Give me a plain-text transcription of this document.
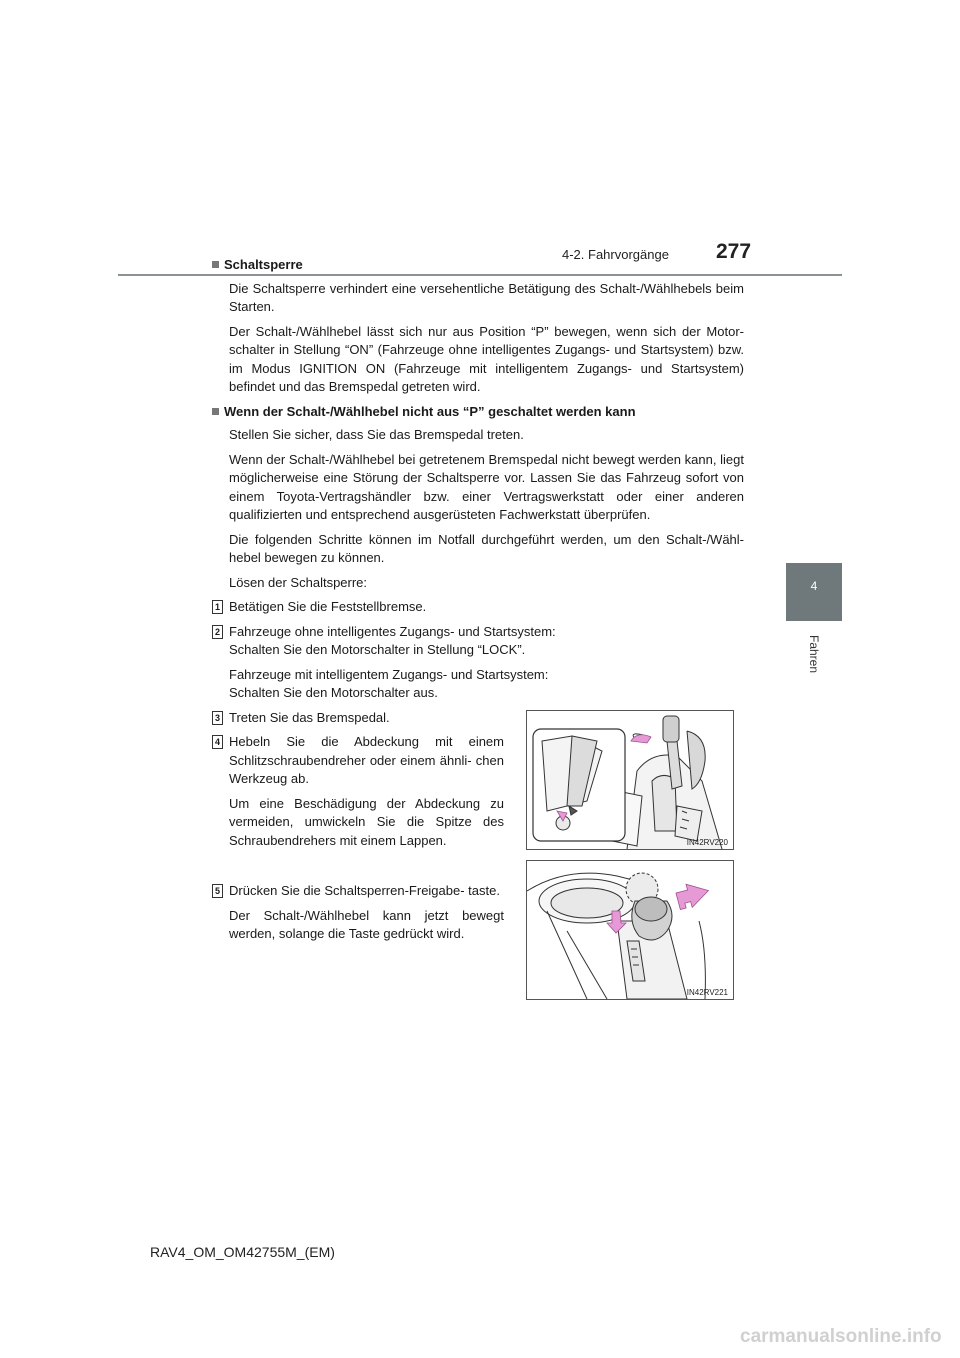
4-2. Fahrvorgänge 277
4
Fahren
Schaltsperre

Die Schaltsperre verhindert eine versehentliche Betätigung des Schalt-/Wählhebels beim Starten.

Der Schalt-/Wählhebel lässt sich nur aus Position “P” bewegen, wenn sich der Motor- schalter in Stellung “ON” (Fahrzeuge ohne intelligentes Zugangs- und Startsystem) bzw. im Modus IGNITION ON (Fahrzeuge mit intelligentem Zugangs- und Startsystem) befindet und das Bremspedal getreten wird.

Wenn der Schalt-/Wählhebel nicht aus “P” geschaltet werden kann

Stellen Sie sicher, dass Sie das Bremspedal treten.

Wenn der Schalt-/Wählhebel bei getretenem Bremspedal nicht bewegt werden kann, liegt möglicherweise eine Störung der Schaltsperre vor. Lassen Sie das Fahrzeug sofort von einem Toyota-Vertragshändler bzw. einer Vertragswerkstatt oder einer anderen qualifizierten und entsprechend ausgerüsteten Fachwerkstatt überprüfen.

Die folgenden Schritte können im Notfall durchgeführt werden, um den Schalt-/Wähl- hebel bewegen zu können.

Lösen der Schaltsperre:

1 Betätigen Sie die Feststellbremse.

2 Fahrzeuge ohne intelligentes Zugangs- und Startsystem:
Schalten Sie den Motorschalter in Stellung “LOCK”.

Fahrzeuge mit intelligentem Zugangs- und Startsystem:
Schalten Sie den Motorschalter aus.

3 Treten Sie das Bremspedal.

4 Hebeln Sie die Abdeckung mit einem Schlitzschraubendreher oder einem ähnli- chen Werkzeug ab.

Um eine Beschädigung der Abdeckung zu vermeiden, umwickeln Sie die Spitze des Schraubendrehers mit einem Lappen.

5 Drücken Sie die Schaltsperren-Freigabe- taste.

Der Schalt-/Wählhebel kann jetzt bewegt werden, solange die Taste gedrückt wird.

IN42RV220
IN42RV221
RAV4_OM_OM42755M_(EM)
carmanualsonline.info
